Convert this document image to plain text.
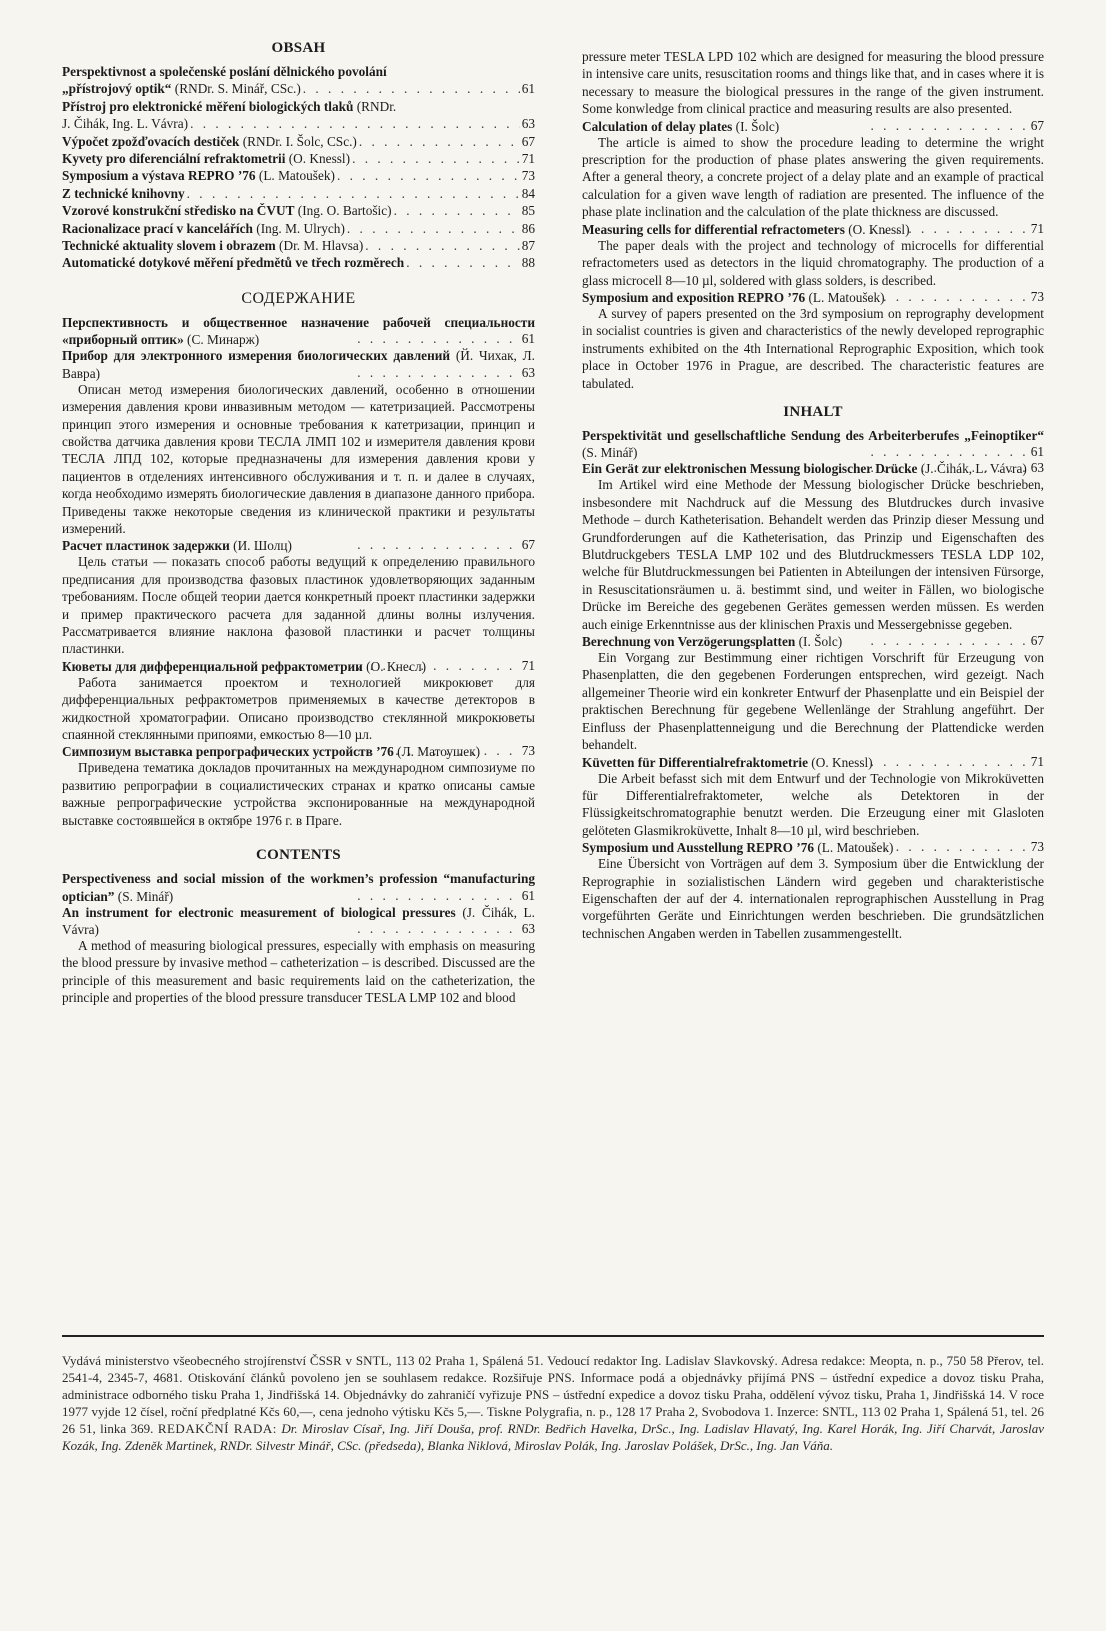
OBSAH
Perspektivnost a společenské poslání dělnického povolání
„přístrojový optik“ (RNDr. S. Minář, CSc.) . . .	61
Přístroj pro elektronické měření biologických tlaků (RNDr.
J. Čihák, Ing. L. Vávra) . . .	63
Výpočet zpožďovacích destiček (RNDr. I. Šolc, CSc.) . . .	67
Kyvety pro diferenciální refraktometrii (O. Knessl) . . .	71
Symposium a výstava REPRO ’76 (L. Matoušek) . . .	73
Z technické knihovny . . .	84
Vzorové konstrukční středisko na ČVUT (Ing. O. Bartošic) . . .	85
Racionalizace prací v kancelářích (Ing. M. Ulrych) . . .	86
Technické aktuality slovem i obrazem (Dr. M. Hlavsa) . . .	87
Automatické dotykové měření předmětů ve třech rozměrech . . .	88
СОДЕРЖАНИЕ
Перспективность и общественное назначение рабочей специальности «приборный оптик» (С. Минарж) . . .	61
Прибор для электронного измерения биологических давлений (Й. Чихак, Л. Вавра) . . .	63

Описан метод измерения биологических давлений, особенно в отношении измерения давления крови инвазивным методом — катетризацией. Рассмотрены принцип этого измерения и основные требования к катетризации, принцип и свойства датчика давления крови ТЕСЛА ЛМП 102 и измерителя давления крови ТЕСЛА ЛПД 102, которые предназначены для измерения давления крови у пациентов в отделениях интенсивного обслуживания и т. п. и далее в случаях, когда необходимо измерять биологические давления в диапазоне данного прибора. Приведены также некоторые сведения из клинической практики и результаты измерений.

Расчет пластинок задержки (И. Шолц) . . .	67

Цель статьи — показать способ работы ведущий к определению правильного предписания для производства фазовых пластинок удовлетворяющих заданным требованиям. После общей теории дается конкретный проект пластинки задержки и пример практического расчета для заданной длины волны излучения. Рассматривается влияние наклона фазовой пластинки и расчет толщины пластинки.

Кюветы для дифференциальной рефрактометрии (О. Кнесл) . . .	71

Работа занимается проектом и технологией микрокювет для дифференциальных рефрактометров применяемых в качестве детекторов в жидкостной хроматографии. Описано производство стеклянной микрокюветы спаянной стеклянными припоями, емкостью 8—10 µл.

Симпозиум выставка репрографических устройств ’76 (Л. Матоушек) . . .	73

Приведена тематика докладов прочитанных на международном симпозиуме по развитию репрографии в социалистических странах и кратко описаны самые важные репрографические устройства экспонированные на международной выставке состоявшейся в октябре 1976 г. в Праге.

CONTENTS
Perspectiveness and social mission of the workmen’s profession “manufacturing optician” (S. Minář) . . .	61
An instrument for electronic measurement of biological pressures (J. Čihák, L. Vávra) . . .	63

A method of measuring biological pressures, especially with emphasis on measuring the blood pressure by invasive method – catheterization – is described. Discussed are the principle of this measurement and basic requirements laid on the catheterization, the principle and properties of the blood pressure transducer TESLA LMP 102 and blood

pressure meter TESLA LPD 102 which are designed for measuring the blood pressure in intensive care units, resuscitation rooms and things like that, and in cases where it is necessary to measure the biological pressures in the range of the given instrument. Some konwledge from clinical practice and measuring results are also presented.

Calculation of delay plates (I. Šolc) . . .	67

The article is aimed to show the procedure leading to determine the wright prescription for the production of phase plates answering the given requirements. After a general theory, a concrete project of a delay plate and an example of practical calculation for a given wave length of radiation are presented. The influence of the phase plate inclination and the calculation of the plate thickness are discussed.

Measuring cells for differential refractometers (O. Knessl) . . .	71

The paper deals with the project and technology of microcells for differential refractometers used as detectors in the liquid chromatography. The production of a glass microcell 8—10 µl, soldered with glass solders, is described.

Symposium and exposition REPRO ’76 (L. Matoušek) . . .	73

A survey of papers presented on the 3rd symposium on reprography development in socialist countries is given and characteristics of the newly developed reprographic instruments exhibited on the 4th International Reprographic Exposition, which took place in October 1976 in Prague, are described. The characteristic features are tabulated.

INHALT
Perspektivität und gesellschaftliche Sendung des Arbeiterberufes „Feinoptiker“ (S. Minář) . . .	61
Ein Gerät zur elektronischen Messung biologischer Drücke (J. Čihák, L. Vávra) . . . 63

Im Artikel wird eine Methode der Messung biologischer Drücke beschrieben, insbesondere mit Nachdruck auf die Messung des Blutdruckes durch invasive Methode – durch Katheterisation. Behandelt werden das Prinzip dieser Messung und Grundforderungen auf die Katheterisation, das Prinzip und Eigenschaften des Blutdruckgebers TESLA LMP 102 und des Blutdruckmessers TESLA LDP 102, welche für Blutdruckmessungen bei Patienten in Abteilungen der intensiven Fürsorge, in Resuscitationsräumen u. ä. bestimmt sind, und weiter in Fällen, wo biologische Drücke im Bereiche des gegebenen Gerätes gemessen werden müssen. Es werden auch einige Erkenntnisse aus der klinischen Praxis und Messergebnisse gegeben.

Berechnung von Verzögerungsplatten (I. Šolc) . . .	67

Ein Vorgang zur Bestimmung einer richtigen Vorschrift für Erzeugung von Phasenplatten, die den gegebenen Forderungen entsprechen, wird gezeigt. Nach allgemeiner Theorie wird ein konkreter Entwurf der Phasenplatte und ein Beispiel der praktischen Berechnung für gegebene Wellenlänge der Strahlung angeführt. Der Einfluss der Phasenplattenneigung und die Berechnung der Plattendicke werden behandelt.

Küvetten für Differentialrefraktometrie (O. Knessl) . . .	71

Die Arbeit befasst sich mit dem Entwurf und der Technologie von Mikroküvetten für Differentialrefraktometer, welche als Detektoren in der Flüssigkeitschromatographie benutzt werden. Die Erzeugung einer mit Glasloten gelöteten Glasmikroküvette, Inhalt 8—10 µl, wird beschrieben.

Symposium und Ausstellung REPRO ’76 (L. Matoušek) . . .	73

Eine Übersicht von Vorträgen auf dem 3. Symposium über die Entwicklung der Reprographie in sozialistischen Ländern wird gegeben und charakteristische Eigenschaften der auf der 4. internationalen reprographischen Ausstellung in Prag vorgeführten Geräte und Einrichtungen werden beschrieben. Die grundsätzlichen technischen Angaben werden in Tabellen zusammengestellt.

Vydává ministerstvo všeobecného strojírenství ČSSR v SNTL, 113 02 Praha 1, Spálená 51. Vedoucí redaktor Ing. Ladislav Slavkovský. Adresa redakce: Meopta, n. p., 750 58 Přerov, tel. 2541-4, 2345-7, 4681. Otiskování článků povoleno jen se souhlasem redakce. Rozšiřuje PNS. Informace podá a objednávky přijímá PNS – ústřední expedice a dovoz tisku Praha, administrace odborného tisku Praha 1, Jindřišská 14. Objednávky do zahraničí vyřizuje PNS – ústřední expedice a dovoz tisku Praha, oddělení vývoz tisku, Praha 1, Jindřišská 14. V roce 1977 vyjde 12 čísel, roční předplatné Kčs 60,—, cena jednoho výtisku Kčs 5,—. Tiskne Polygrafia, n. p., 128 17 Praha 2, Svobodova 1. Inzerce: SNTL, 113 02 Praha 1, Spálená 51, tel. 26 26 51, linka 369. REDAKČNÍ RADA: Dr. Miroslav Císař, Ing. Jiří Douša, prof. RNDr. Bedřich Havelka, DrSc., Ing. Ladislav Hlavatý, Ing. Karel Horák, Ing. Jiří Charvát, Jaroslav Kozák, Ing. Zdeněk Martinek, RNDr. Silvestr Minář, CSc. (předseda), Blanka Niklová, Miroslav Polák, Ing. Jaroslav Polášek, DrSc., Ing. Jan Váňa.
